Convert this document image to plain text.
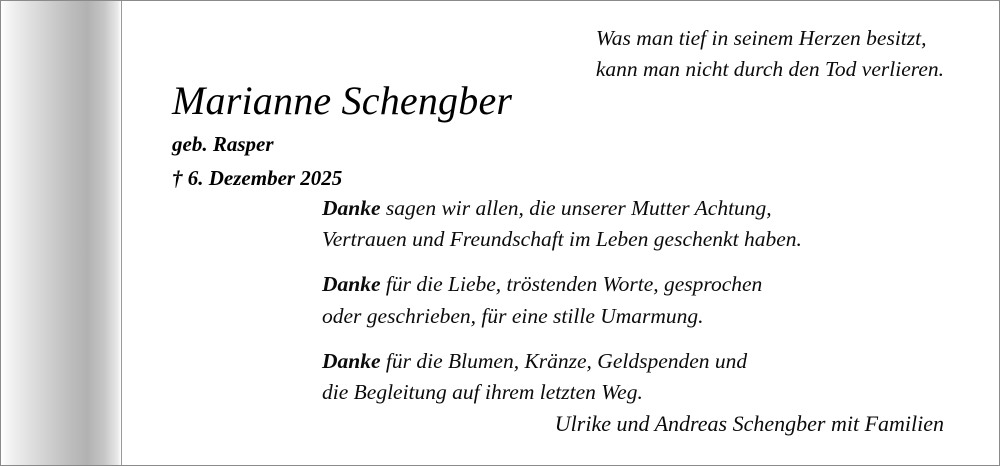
Was man tief in seinem Herzen besitzt,
kann man nicht durch den Tod verlieren.
Marianne Schengber
geb. Rasper
† 6. Dezember 2025
Danke sagen wir allen, die unserer Mutter Achtung,
Vertrauen und Freundschaft im Leben geschenkt haben.
Danke für die Liebe, tröstenden Worte, gesprochen
oder geschrieben, für eine stille Umarmung.
Danke für die Blumen, Kränze, Geldspenden und
die Begleitung auf ihrem letzten Weg.
Ulrike und Andreas Schengber mit Familien
